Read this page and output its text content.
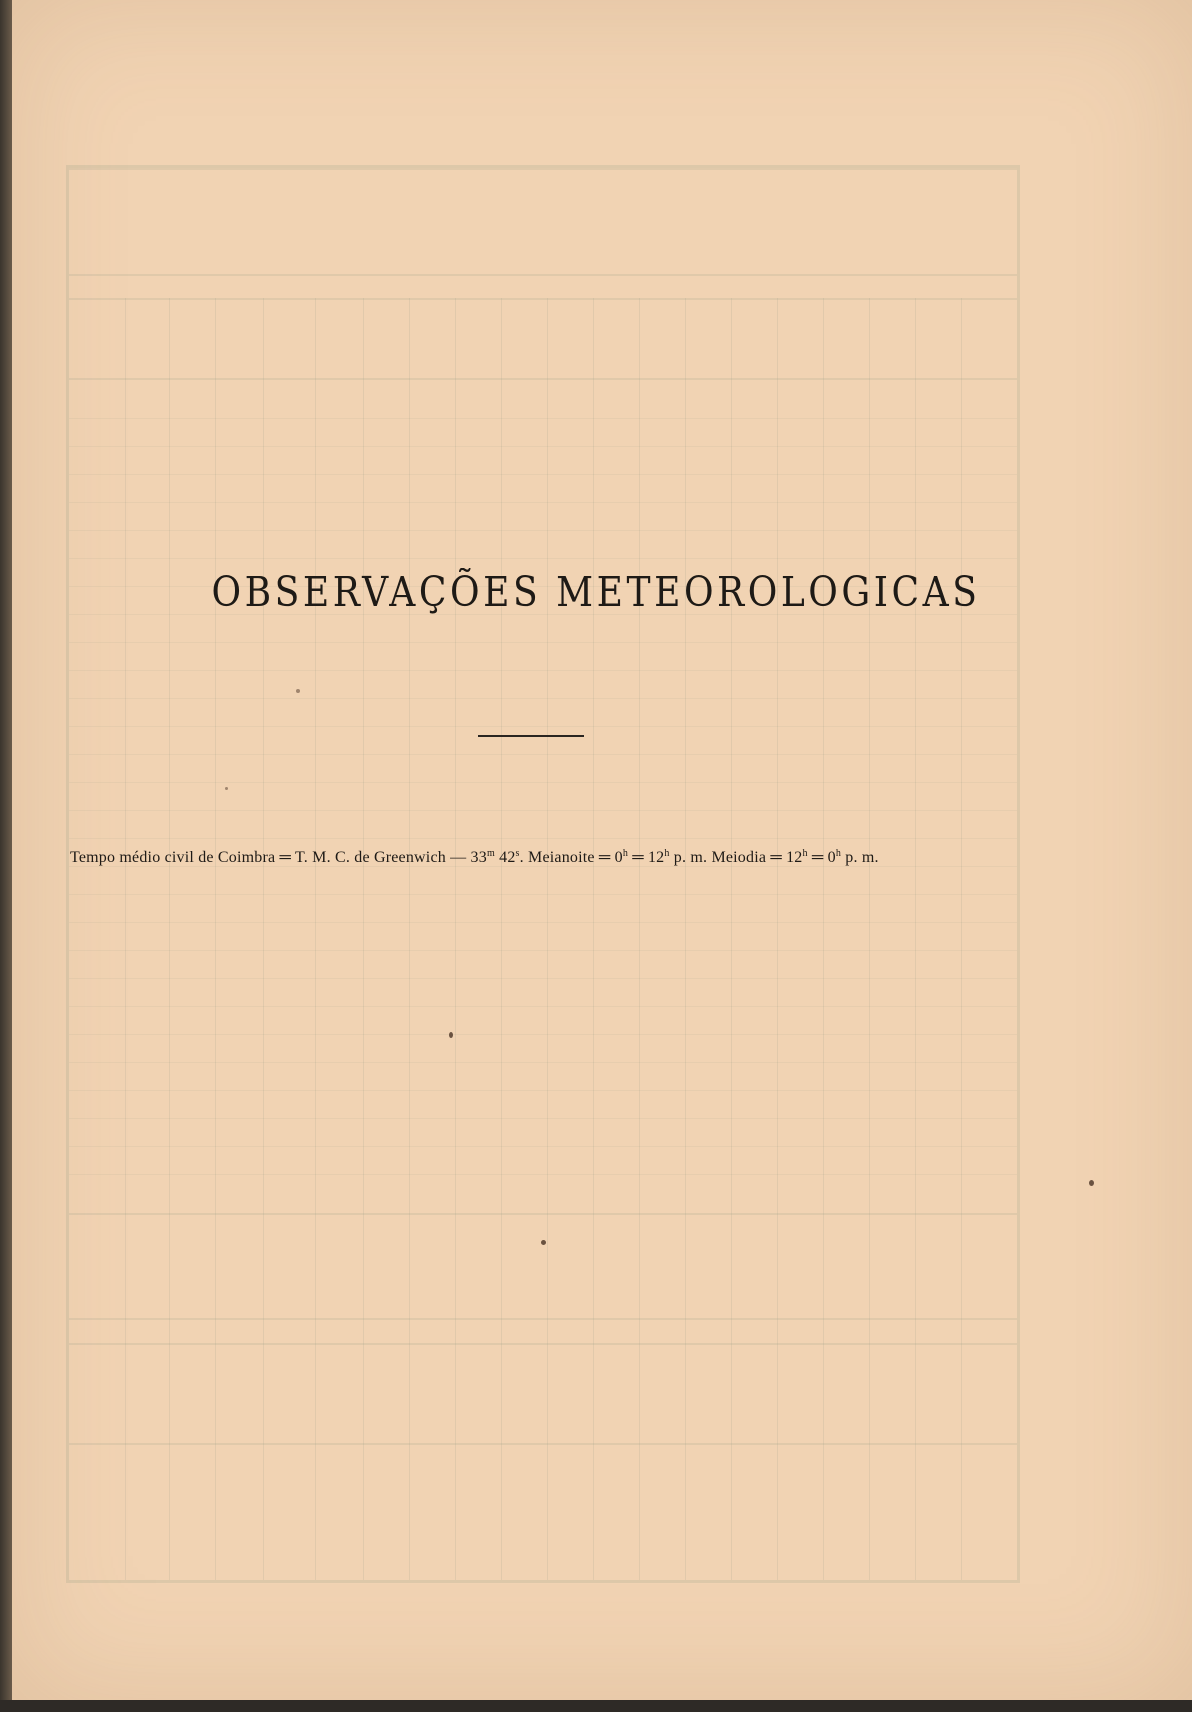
OBSERVAÇÕES METEOROLOGICAS
Tempo médio civil de Coimbra ═ T. M. C. de Greenwich — 33$^m$ 42$^s$. Meianoite ═ 0$^h$ ═ 12$^h$ p. m. Meiodia ═ 12$^h$ ═ 0$^h$ p. m.
